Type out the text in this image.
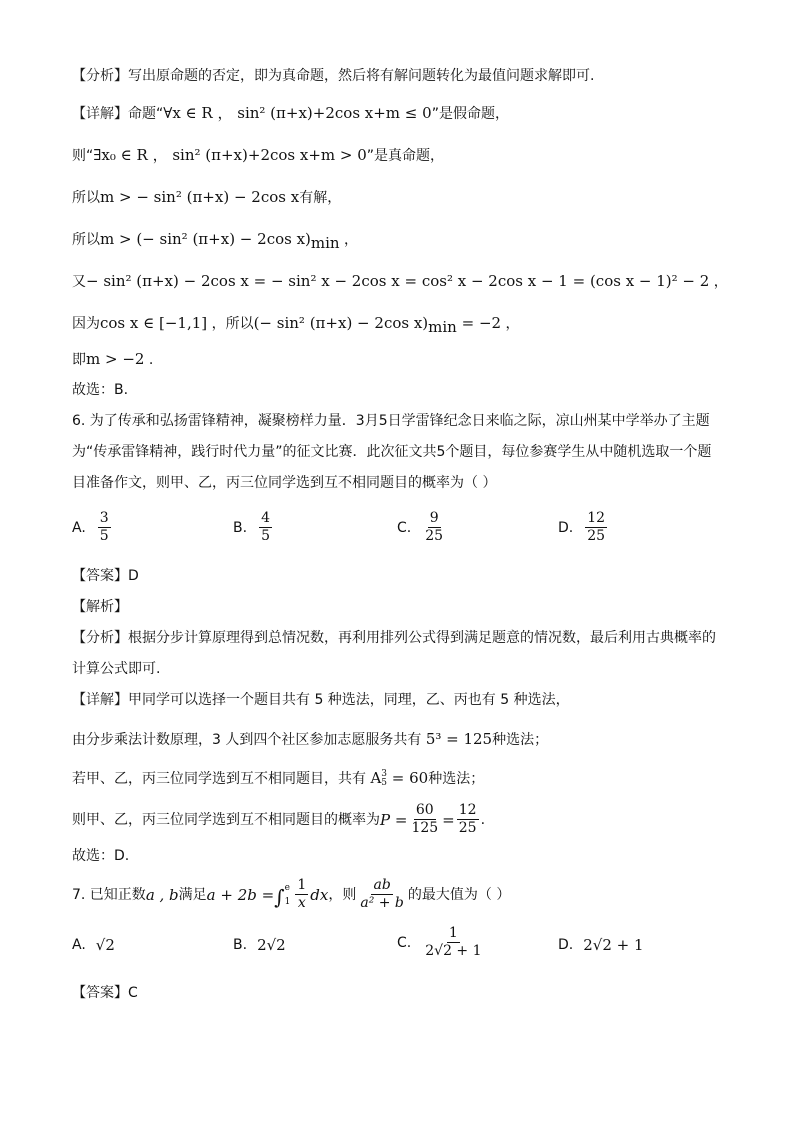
【分析】写出原命题的否定，即为真命题，然后将有解问题转化为最值问题求解即可.
【详解】命题“∀x ∈ R ， sin² (π+x)+2cos x+m ≤ 0”是假命题，
则“∃x₀ ∈ R ， sin² (π+x)+2cos x+m > 0”是真命题，
所以m > − sin² (π+x) − 2cos x有解，
所以m > (− sin² (π+x) − 2cos $x)_{min}$ ，
又− sin² (π+x) − 2cos x = − sin² x − 2cos x = cos² x − 2cos x − 1 = (cos x − 1)² − 2 ，
因为cos x ∈ [−1,1] ，所以(− sin² (π+x) − 2cos $x)_{min} = -2$ ，
即m > −2 .
故选：B.
6. 为了传承和弘扬雷锋精神，凝聚榜样力量．3月5日学雷锋纪念日来临之际，凉山州某中学举办了主题
为“传承雷锋精神，践行时代力量”的征文比赛．此次征文共5个题目，每位参赛学生从中随机选取一个题
目准备作文，则甲、乙，丙三位同学选到互不相同题目的概率为（ ）
A. $\frac{3}{5}$	B. $\frac{4}{5}$	C. $\frac{9}{25}$	D. $\frac{12}{25}$
【答案】D
【解析】
【分析】根据分步计算原理得到总情况数，再利用排列公式得到满足题意的情况数，最后利用古典概率的
计算公式即可.
【详解】甲同学可以选择一个题目共有 5 种选法，同理，乙、丙也有 5 种选法，
由分步乘法计数原理，3 人到四个社区参加志愿服务共有 5³ = 125种选法；
若甲、乙，丙三位同学选到互不相同题目，共有 A 3
5 = 60种选法；
则甲、乙，丙三位同学选到互不相同题目的概率为 $P = \frac{60}{125} = \frac{12}{25}$ .
故选：D.
7. 已知正数 a , b 满足 a + 2b = ∫ e
$1 \frac{1}{x}$ dx ，则 $\frac{ab}{\text{a² + b}}$ 的最大值为（ ）
A. √2	B. 2√2	C. $\frac{1}{2√2 + 1}$	D. 2√2 + 1
【答案】C
